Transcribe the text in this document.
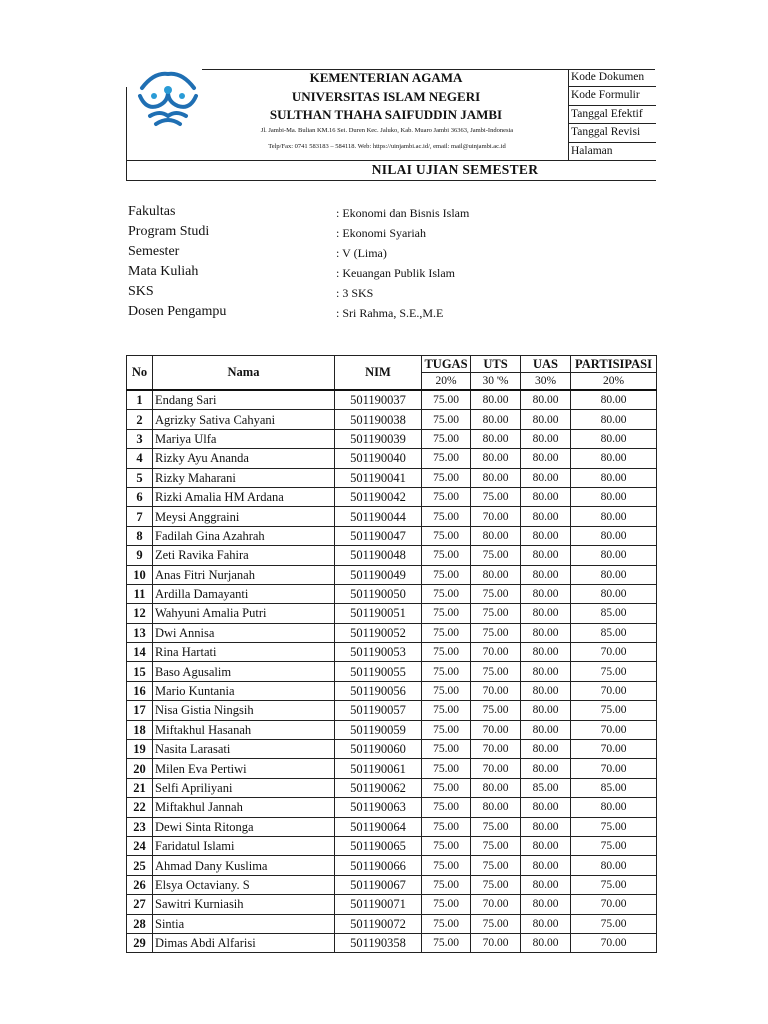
KEMENTERIAN AGAMA
UNIVERSITAS ISLAM NEGERI
SULTHAN THAHA SAIFUDDIN JAMBI
Jl. Jambi-Ma. Bulian KM.16 Sei. Duren Kec. Jaluko, Kab. Muaro Jambi 36363, Jambi-Indonesia
Telp/Fax: 0741 583183 – 584118. Web: https://uinjambi.ac.id/, email: mail@uinjambi.ac.id
Kode Dokumen
Kode Formulir
Tanggal Efektif
Tanggal Revisi
Halaman
NILAI UJIAN SEMESTER
Fakultas	: Ekonomi dan Bisnis Islam
Program Studi	: Ekonomi Syariah
Semester	: V (Lima)
Mata Kuliah	: Keuangan Publik Islam
SKS	: 3 SKS
Dosen Pengampu	: Sri Rahma, S.E.,M.E
No	Nama	NIM	TUGAS	UTS	UAS	PARTISIPASI
			20%	30 '%	30%	20%
1	Endang Sari	501190037	75.00	80.00	80.00	80.00
2	Agrizky Sativa Cahyani	501190038	75.00	80.00	80.00	80.00
3	Mariya Ulfa	501190039	75.00	80.00	80.00	80.00
4	Rizky Ayu Ananda	501190040	75.00	80.00	80.00	80.00
5	Rizky Maharani	501190041	75.00	80.00	80.00	80.00
6	Rizki Amalia HM Ardana	501190042	75.00	75.00	80.00	80.00
7	Meysi Anggraini	501190044	75.00	70.00	80.00	80.00
8	Fadilah Gina Azahrah	501190047	75.00	80.00	80.00	80.00
9	Zeti Ravika Fahira	501190048	75.00	75.00	80.00	80.00
10	Anas Fitri Nurjanah	501190049	75.00	80.00	80.00	80.00
11	Ardilla Damayanti	501190050	75.00	75.00	80.00	80.00
12	Wahyuni Amalia Putri	501190051	75.00	75.00	80.00	85.00
13	Dwi Annisa	501190052	75.00	75.00	80.00	85.00
14	Rina Hartati	501190053	75.00	70.00	80.00	70.00
15	Baso Agusalim	501190055	75.00	75.00	80.00	75.00
16	Mario Kuntania	501190056	75.00	70.00	80.00	70.00
17	Nisa Gistia Ningsih	501190057	75.00	75.00	80.00	75.00
18	Miftakhul Hasanah	501190059	75.00	70.00	80.00	70.00
19	Nasita Larasati	501190060	75.00	70.00	80.00	70.00
20	Milen Eva Pertiwi	501190061	75.00	70.00	80.00	70.00
21	Selfi Apriliyani	501190062	75.00	80.00	85.00	85.00
22	Miftakhul Jannah	501190063	75.00	80.00	80.00	80.00
23	Dewi Sinta Ritonga	501190064	75.00	75.00	80.00	75.00
24	Faridatul Islami	501190065	75.00	75.00	80.00	75.00
25	Ahmad Dany Kuslima	501190066	75.00	75.00	80.00	80.00
26	Elsya Octaviany. S	501190067	75.00	75.00	80.00	75.00
27	Sawitri Kurniasih	501190071	75.00	70.00	80.00	70.00
28	Sintia	501190072	75.00	75.00	80.00	75.00
29	Dimas Abdi Alfarisi	501190358	75.00	70.00	80.00	70.00
